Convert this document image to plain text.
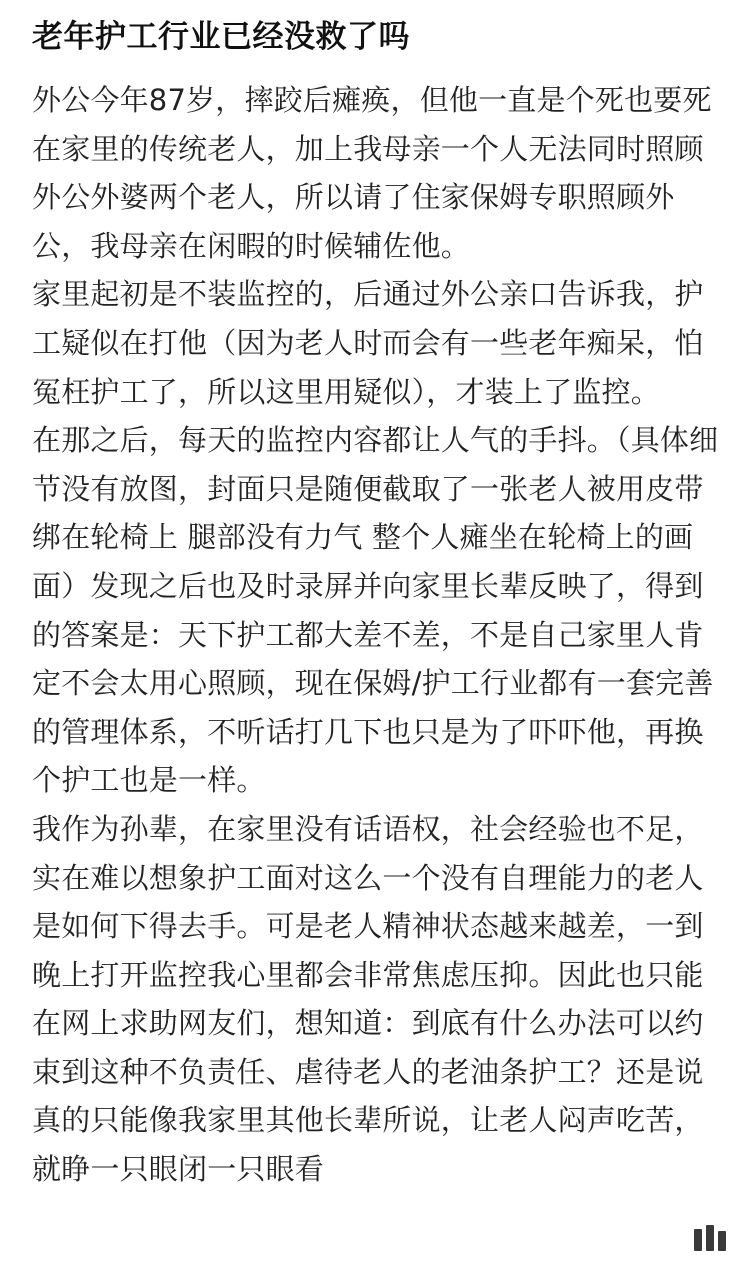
老年护工行业已经没救了吗

外公今年87岁，摔跤后瘫痪，但他一直是个死也要死在家里的传统老人，加上我母亲一个人无法同时照顾外公外婆两个老人，所以请了住家保姆专职照顾外公，我母亲在闲暇的时候辅佐他。

家里起初是不装监控的，后通过外公亲口告诉我，护工疑似在打他（因为老人时而会有一些老年痴呆，怕冤枉护工了，所以这里用疑似），才装上了监控。

在那之后，每天的监控内容都让人气的手抖。（具体细节没有放图，封面只是随便截取了一张老人被用皮带绑在轮椅上 腿部没有力气 整个人瘫坐在轮椅上的画面）发现之后也及时录屏并向家里长辈反映了，得到的答案是：天下护工都大差不差，不是自己家里人肯定不会太用心照顾，现在保姆/护工行业都有一套完善的管理体系，不听话打几下也只是为了吓吓他，再换个护工也是一样。

我作为孙辈，在家里没有话语权，社会经验也不足，实在难以想象护工面对这么一个没有自理能力的老人是如何下得去手。可是老人精神状态越来越差，一到晚上打开监控我心里都会非常焦虑压抑。因此也只能在网上求助网友们，想知道：到底有什么办法可以约束到这种不负责任、虐待老人的老油条护工？还是说真的只能像我家里其他长辈所说，让老人闷声吃苦，就睁一只眼闭一只眼看
